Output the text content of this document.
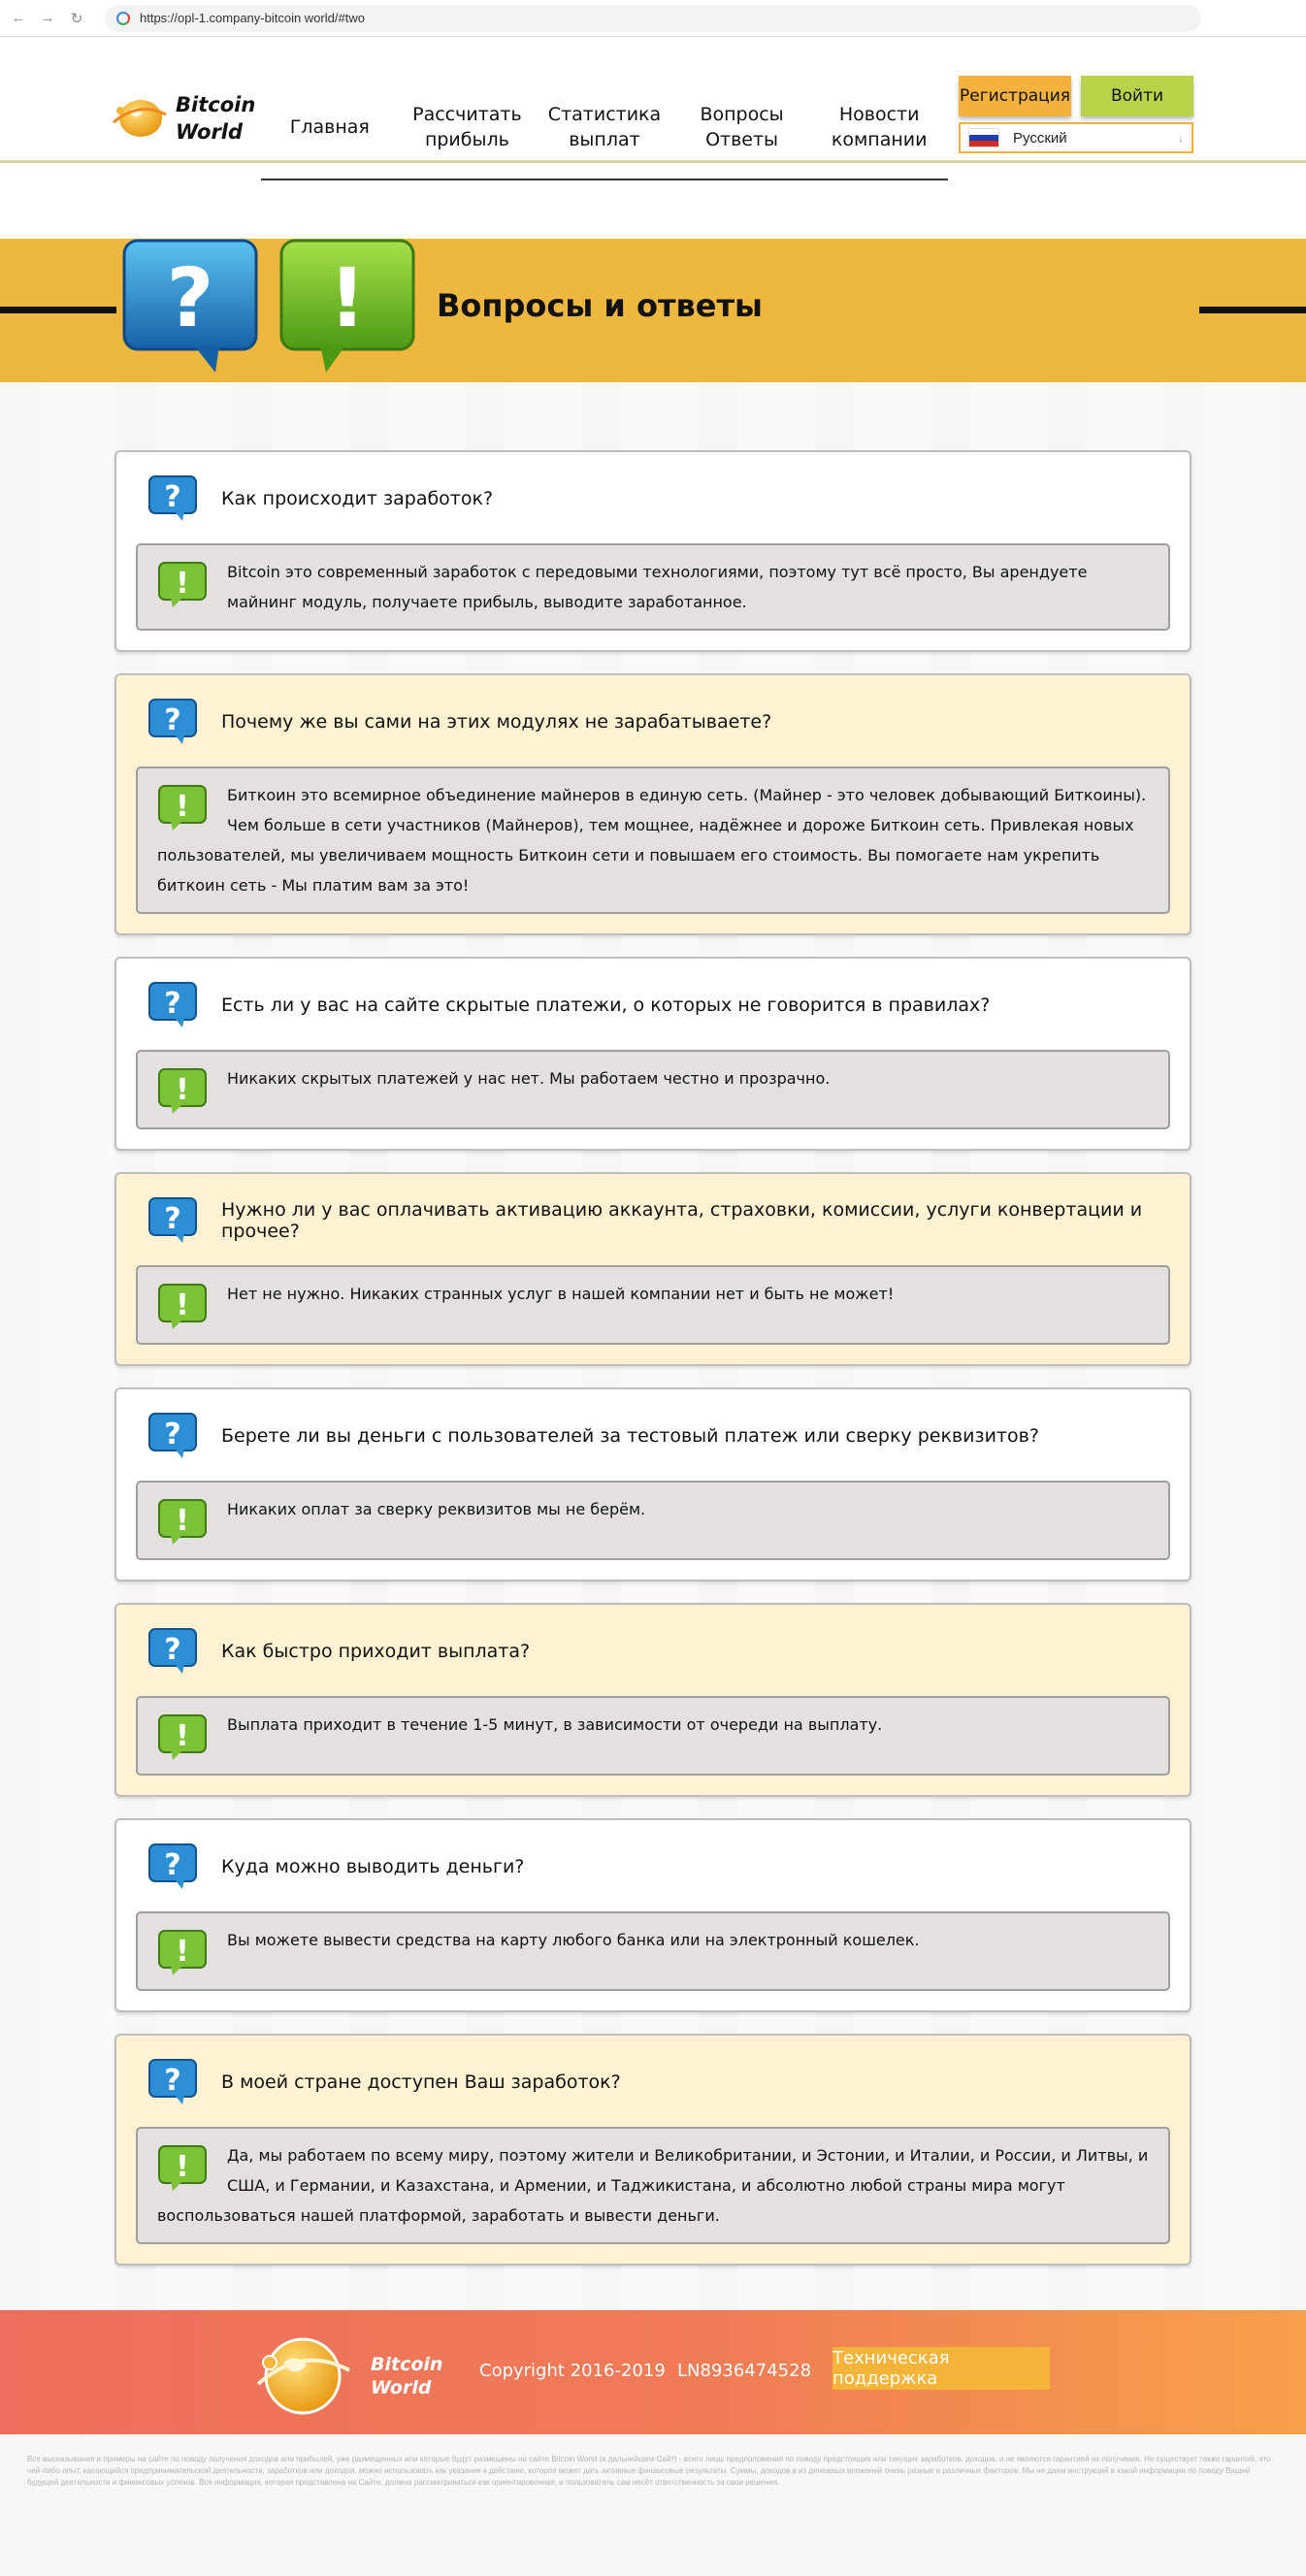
← → ↻	https://opl-1.company-bitcoin world/#two
Bitcoin
World	Главная
Рассчитать
прибыль
Статистика
выплат
Вопросы
Ответы
Новости
компании
Регистрация	Войти
Русский	↓
? ! Вопросы и ответы
? Как происходит заработок?
! Bitcoin это современный заработок с передовыми технологиями, поэтому тут всё просто, Вы арендуете майнинг модуль, получаете прибыль, выводите заработанное.
? Почему же вы сами на этих модулях не зарабатываете?
! Биткоин это всемирное объединение майнеров в единую сеть. (Майнер - это человек добывающий Биткоины). Чем больше в сети участников (Майнеров), тем мощнее, надёжнее и дороже Биткоин сеть. Привлекая новых пользователей, мы увеличиваем мощность Биткоин сети и повышаем его стоимость. Вы помогаете нам укрепить биткоин сеть - Мы платим вам за это!
? Есть ли у вас на сайте скрытые платежи, о которых не говорится в правилах?
! Никаких скрытых платежей у нас нет. Мы работаем честно и прозрачно.
? Нужно ли у вас оплачивать активацию аккаунта, страховки, комиссии, услуги конвертации и прочее?
! Нет не нужно. Никаких странных услуг в нашей компании нет и быть не может!
? Берете ли вы деньги с пользователей за тестовый платеж или сверку реквизитов?
! Никаких оплат за сверку реквизитов мы не берём.
? Как быстро приходит выплата?
! Выплата приходит в течение 1-5 минут, в зависимости от очереди на выплату.
? Куда можно выводить деньги?
! Вы можете вывести средства на карту любого банка или на электронный кошелек.
? В моей стране доступен Ваш заработок?
! Да, мы работаем по всему миру, поэтому жители и Великобритании, и Эстонии, и Италии, и России, и Литвы, и США, и Германии, и Казахстана, и Армении, и Таджикистана, и абсолютно любой страны мира могут воспользоваться нашей платформой, заработать и вывести деньги.
Bitcoin
World
Copyright 2016-2019 LN8936474528
Техническая поддержка
Все высказывания и примеры на сайте по поводу получения доходов или прибылей, уже размещенных или которые будут размещены на сайте Bitcoin World (в дальнейшем Сайт) - всего лишь предположения по поводу предстоящих или текущих заработков, доходов, и не являются гарантией их получения. Не существует также гарантий, что чей-либо опыт, касающийся предпринимательской деятельности, заработков или доходов, можно использовать как указание к действию, которое может дать активные финансовые результаты. Суммы, доходов в из денежных вложений очень разные и различных факторов. Мы не даем инструкций в какой информации по поводу Вашей будущей деятельности и финансовых успехов. Вся информация, которая представлена на Сайте, должна рассматриваться как ориентировочная, и пользователь сам несёт ответственность за свои решения.
